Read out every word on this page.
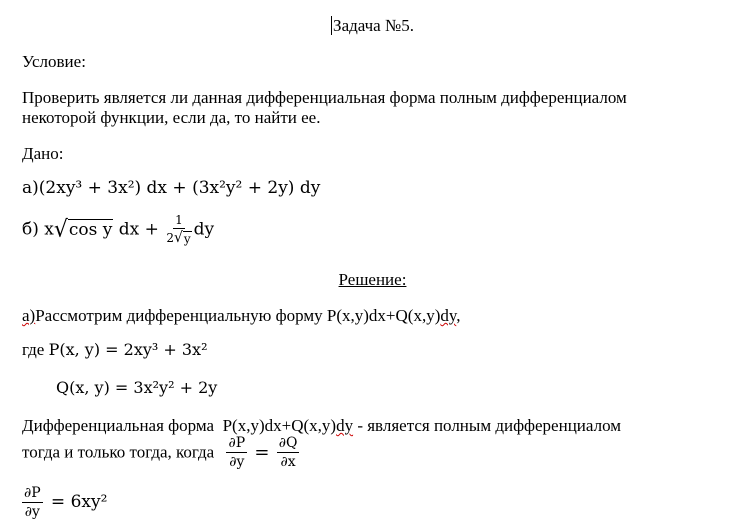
Задача №5.
Условие:
Проверить является ли данная дифференциальная форма полным дифференциалом
некоторой функции, если да, то найти ее.
Дано:
а)(2xy³ + 3x²) dx + (3x²y² + 2y) dy
б) x √ cos y dx + $\frac{1}{2 √ y}$ dy
Решение:
а)Рассмотрим дифференциальную форму P(x,y)dx+Q(x,y)dy,
где P(x, y) = 2xy³ + 3x²
Q(x, y) = 3x²y² + 2y
Дифференциальная форма  P(x,y)dx+Q(x,y)dy - является полным дифференциалом
тогда и только тогда, когда $\frac{\partial P}{\partial y} = \frac{\partial Q}{\partial x}$
$\frac{\partial P}{\partial y} = 6xy^2$
